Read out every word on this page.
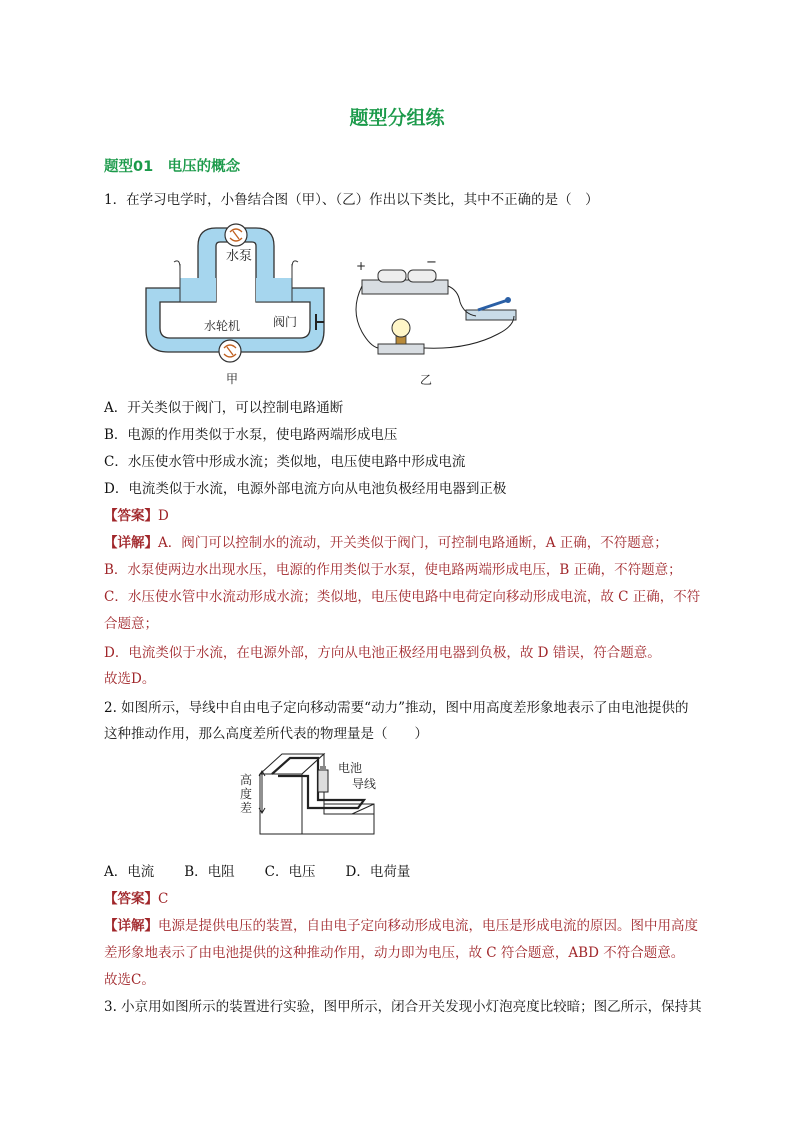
题型分组练
题型01　电压的概念
1．在学习电学时，小鲁结合图（甲）、（乙）作出以下类比，其中不正确的是（　）
水泵
水轮机	阀门
甲
+	−
乙
A．开关类似于阀门，可以控制电路通断
B．电源的作用类似于水泵，使电路两端形成电压
C．水压使水管中形成水流；类似地，电压使电路中形成电流
D．电流类似于水流，电源外部电流方向从电池负极经用电器到正极
【答案】D
【详解】A．阀门可以控制水的流动，开关类似于阀门，可控制电路通断，A 正确，不符题意；
B．水泵使两边水出现水压，电源的作用类似于水泵，使电路两端形成电压，B 正确，不符题意；
C．水压使水管中水流动形成水流；类似地，电压使电路中电荷定向移动形成电流，故 C 正确，不符
合题意；
D．电流类似于水流，在电源外部，方向从电池正极经用电器到负极，故 D 错误，符合题意。
故选D。
2. 如图所示，导线中自由电子定向移动需要“动力”推动，图中用高度差形象地表示了由电池提供的
这种推动作用，那么高度差所代表的物理量是（　　）
高
度
差
电池
导线
A．电流 B．电阻 C．电压 D．电荷量
【答案】C
【详解】电源是提供电压的装置，自由电子定向移动形成电流，电压是形成电流的原因。图中用高度
差形象地表示了由电池提供的这种推动作用，动力即为电压，故 C 符合题意，ABD 不符合题意。
故选C。
3. 小京用如图所示的装置进行实验，图甲所示，闭合开关发现小灯泡亮度比较暗；图乙所示，保持其
